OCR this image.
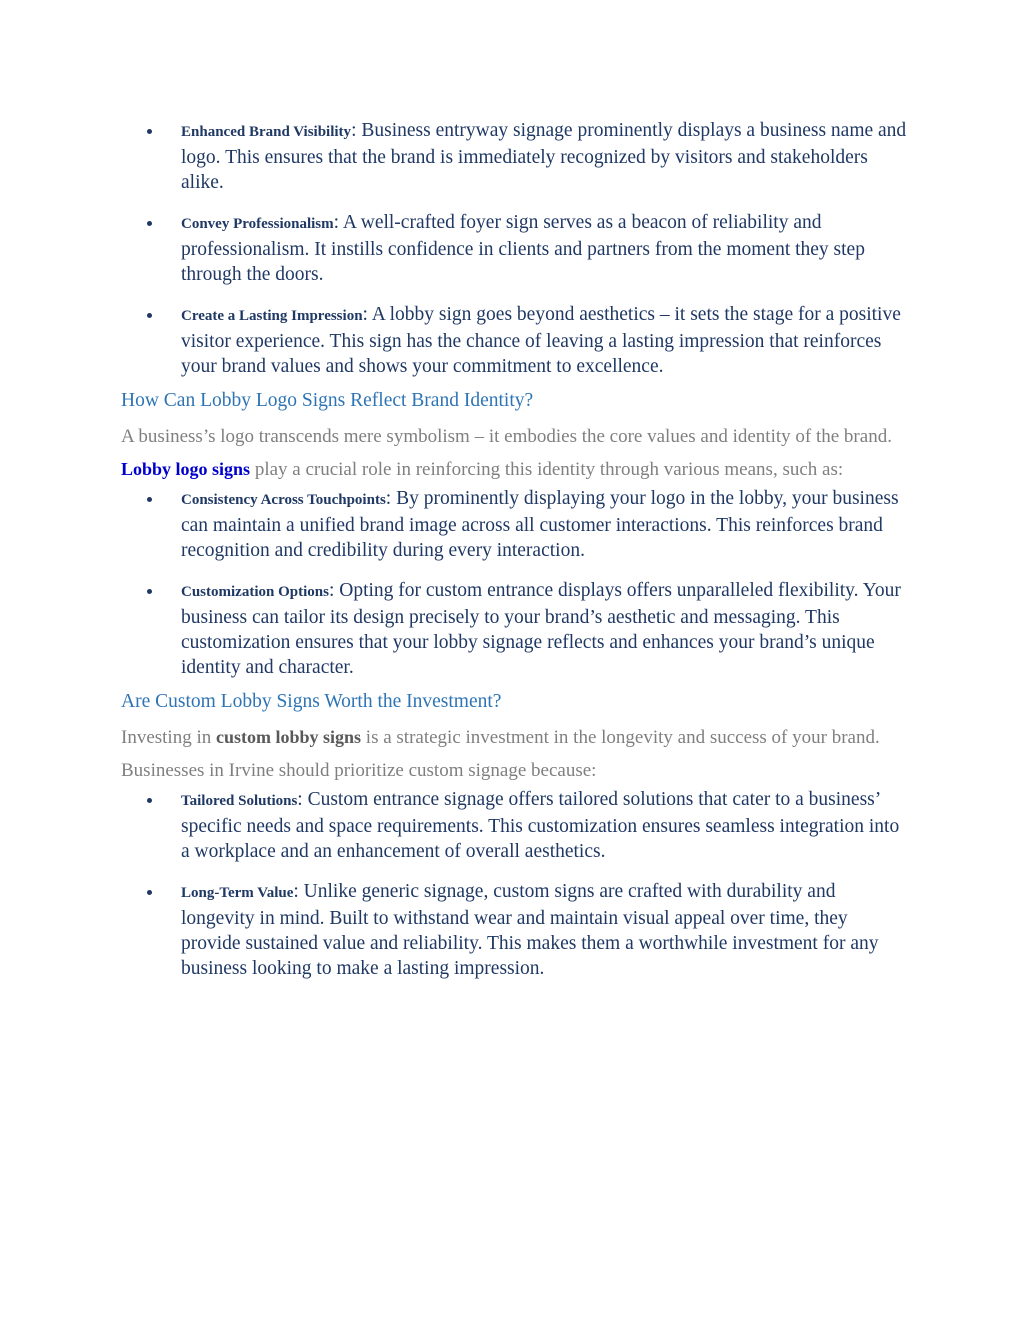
Enhanced Brand Visibility: Business entryway signage prominently displays a business name and logo. This ensures that the brand is immediately recognized by visitors and stakeholders alike.
Convey Professionalism: A well-crafted foyer sign serves as a beacon of reliability and professionalism. It instills confidence in clients and partners from the moment they step through the doors.
Create a Lasting Impression: A lobby sign goes beyond aesthetics – it sets the stage for a positive visitor experience. This sign has the chance of leaving a lasting impression that reinforces your brand values and shows your commitment to excellence.
How Can Lobby Logo Signs Reflect Brand Identity?

A business’s logo transcends mere symbolism – it embodies the core values and identity of the brand. Lobby logo signs play a crucial role in reinforcing this identity through various means, such as:

Consistency Across Touchpoints: By prominently displaying your logo in the lobby, your business can maintain a unified brand image across all customer interactions. This reinforces brand recognition and credibility during every interaction.
Customization Options: Opting for custom entrance displays offers unparalleled flexibility. Your business can tailor its design precisely to your brand’s aesthetic and messaging. This customization ensures that your lobby signage reflects and enhances your brand’s unique identity and character.
Are Custom Lobby Signs Worth the Investment?

Investing in custom lobby signs is a strategic investment in the longevity and success of your brand. Businesses in Irvine should prioritize custom signage because:

Tailored Solutions: Custom entrance signage offers tailored solutions that cater to a business’ specific needs and space requirements. This customization ensures seamless integration into a workplace and an enhancement of overall aesthetics.
Long-Term Value: Unlike generic signage, custom signs are crafted with durability and longevity in mind. Built to withstand wear and maintain visual appeal over time, they provide sustained value and reliability. This makes them a worthwhile investment for any business looking to make a lasting impression.
